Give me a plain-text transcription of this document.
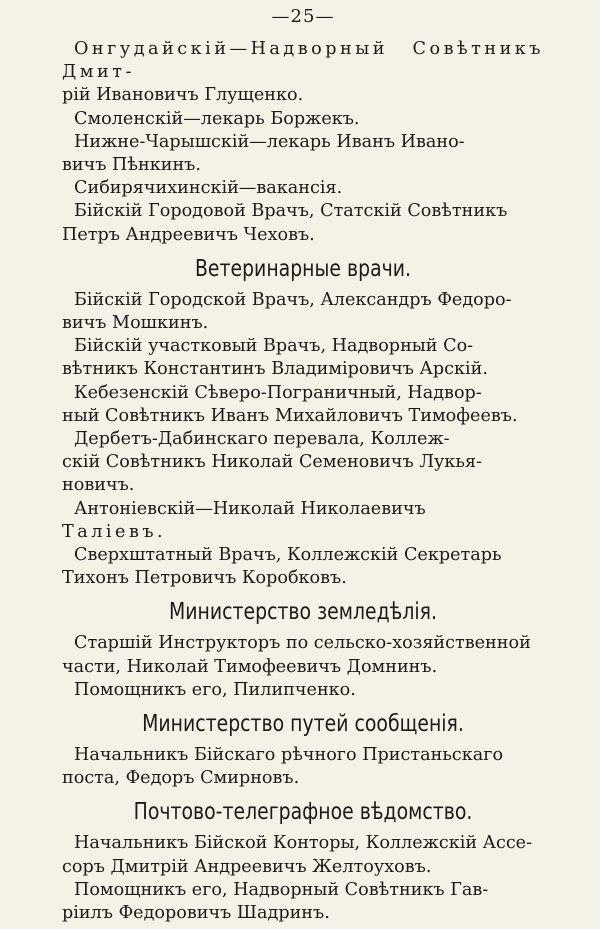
—25—

Онгудайскій—Надворный Совѣтникъ Дмит-
рій Ивановичъ Глущенко.

Смоленскій—лекарь Боржекъ.

Нижне-Чарышскій—лекарь Иванъ Ивано-
вичъ Пѣнкинъ.

Сибирячихинскій—вакансія.

Бійскій Городовой Врачъ, Статскій Совѣтникъ
Петръ Андреевичъ Чеховъ.

Ветеринарные врачи.

Бійскій Городской Врачъ, Александръ Федоро-
вичъ Мошкинъ.

Бійскій участковый Врачъ, Надворный Со-
вѣтникъ Константинъ Владиміровичъ Арскій.

Кебезенскій Сѣверо-Пограничный, Надвор-
ный Совѣтникъ Иванъ Михайловичъ Тимофеевъ.

Дербетъ-Дабинскаго перевала, Коллеж-
скій Совѣтникъ Николай Семеновичъ Лукья-
новичъ.

Антоніевскій—Николай Николаевичъ
Таліевъ.

Сверхштатный Врачъ, Коллежскій Секретарь
Тихонъ Петровичъ Коробковъ.

Министерство земледѣлія.

Старшій Инструкторъ по сельско-хозяйственной
части, Николай Тимофеевичъ Домнинъ.

Помощникъ его, Пилипченко.

Министерство путей сообщенія.

Начальникъ Бійскаго рѣчного Пристаньскаго
поста, Федоръ Смирновъ.

Почтово-телеграфное вѣдомство.

Начальникъ Бійской Конторы, Коллежскій Ассе-
соръ Дмитрій Андреевичъ Желтоуховъ.

Помощникъ его, Надворный Совѣтникъ Гав-
ріилъ Федоровичъ Шадринъ.
